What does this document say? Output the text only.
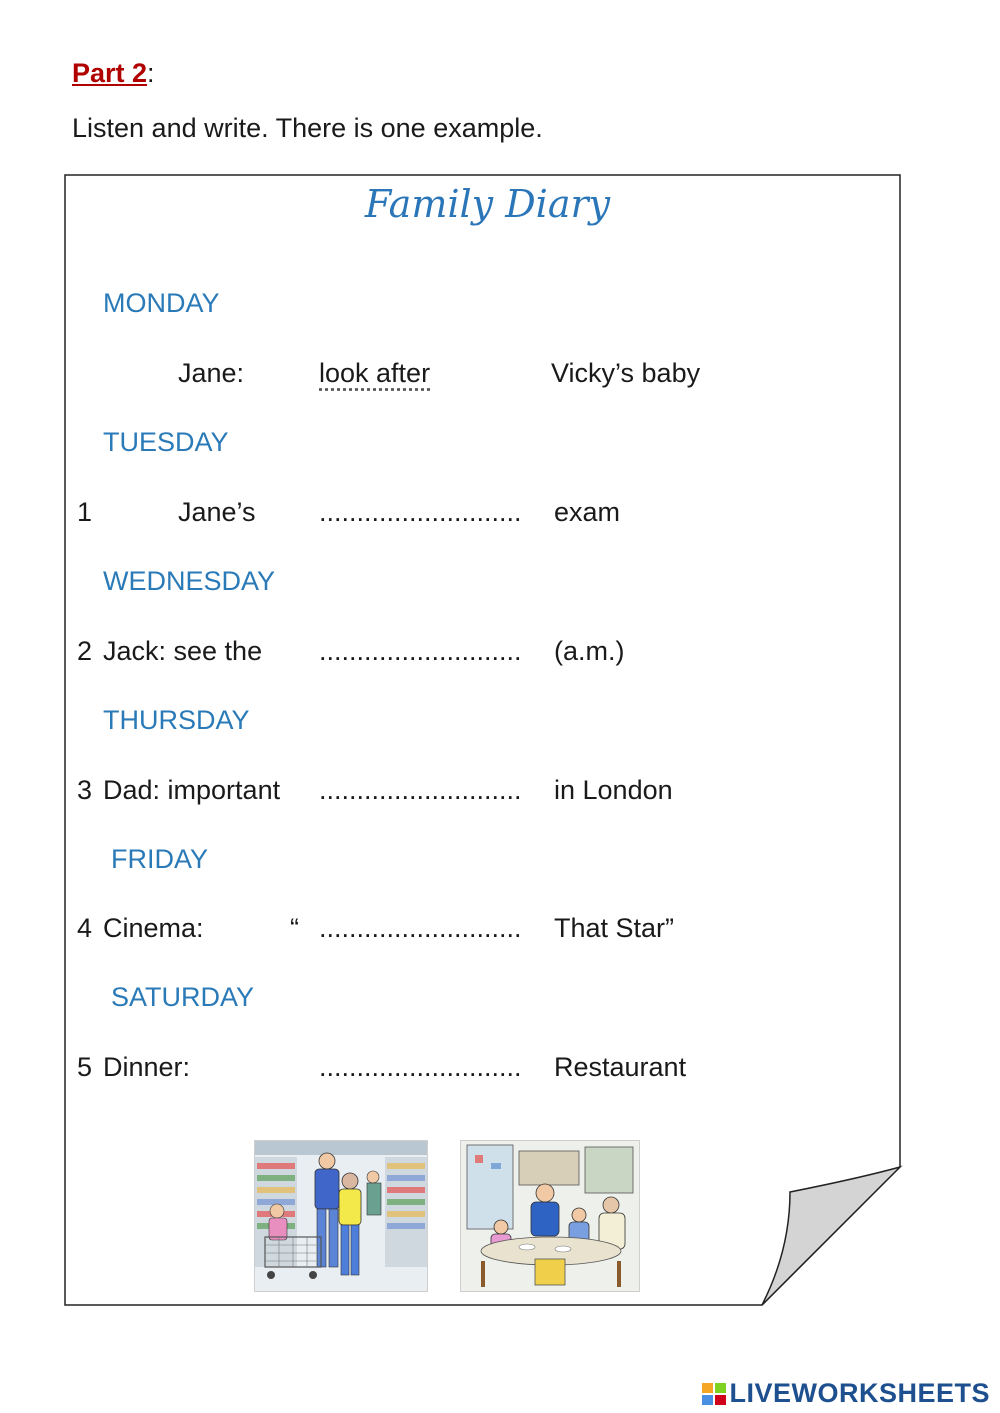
Part 2:
Listen and write. There is one example.
Family Diary
MONDAY
Jane:	look after	Vicky’s baby
TUESDAY
1	Jane’s ........................... exam
WEDNESDAY
2 Jack: see the ........................... (a.m.)
THURSDAY
3 Dad: important ........................... in London
FRIDAY
4 Cinema:	“ ........................... That Star”
SATURDAY
5 Dinner:	........................... Restaurant
LIVEWORKSHEETS
